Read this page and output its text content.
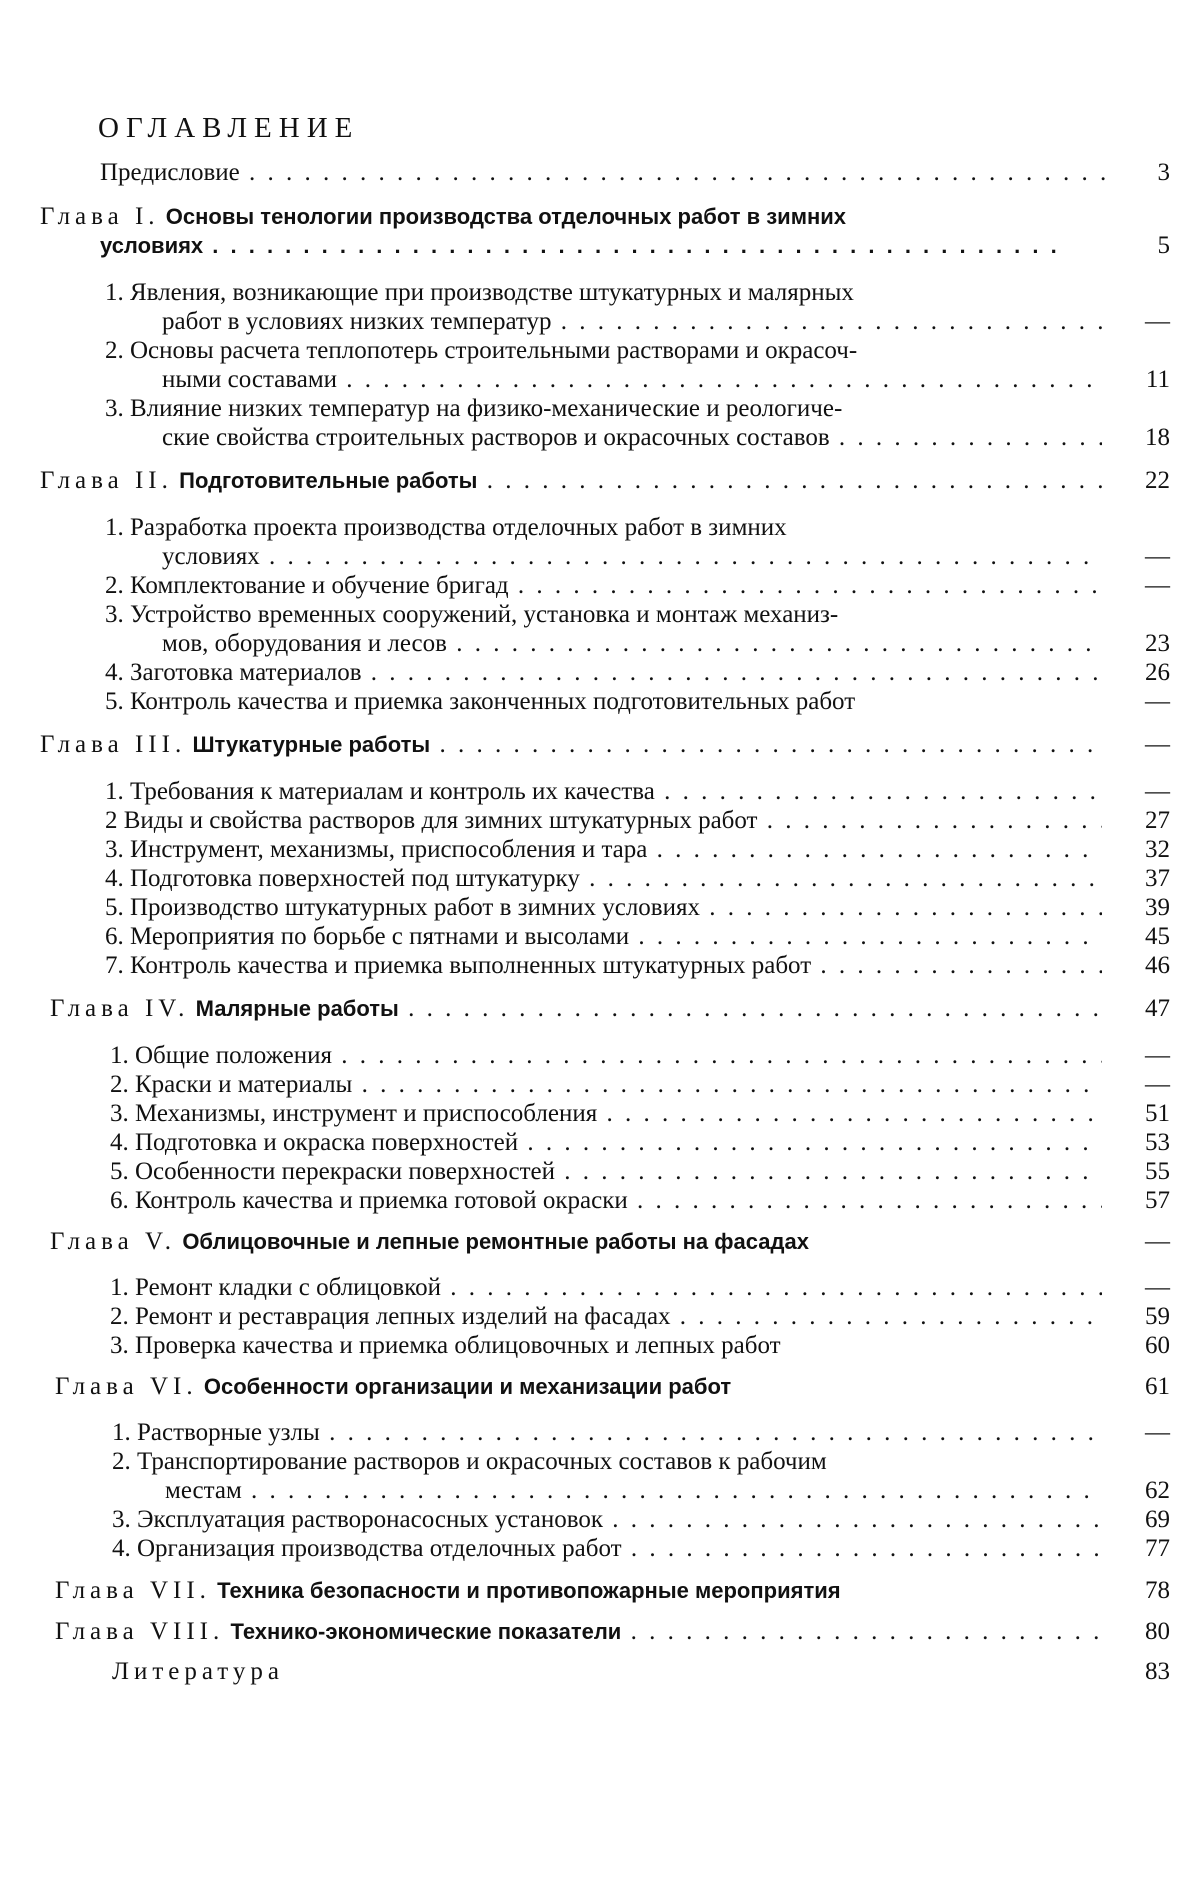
ОГЛАВЛЕНИЕ
Предисловие . . .	3
Глава I. Основы тенологии производства отделочных работ в зимних
условиях . . .	5
1. Явления, возникающие при производстве штукатурных и малярных
работ в условиях низких температур . . .	—
2. Основы расчета теплопотерь строительными растворами и окрасоч-
ными составами . . .	11
3. Влияние низких температур на физико-механические и реологиче-
ские свойства строительных растворов и окрасочных составов . . .	18
Глава II. Подготовительные работы . . .	22
1. Разработка проекта производства отделочных работ в зимних
условиях . . .	—
2. Комплектование и обучение бригад . . .	—
3. Устройство временных сооружений, установка и монтаж механиз-
мов, оборудования и лесов . . .	23
4. Заготовка материалов . . .	26
5. Контроль качества и приемка законченных подготовительных работ	—
Глава III. Штукатурные работы . . .	—
1. Требования к материалам и контроль их качества . . .	—
2 Виды и свойства растворов для зимних штукатурных работ . . .	27
3. Инструмент, механизмы, приспособления и тара . . .	32
4. Подготовка поверхностей под штукатурку . . .	37
5. Производство штукатурных работ в зимних условиях . . .	39
6. Мероприятия по борьбе с пятнами и высолами . . .	45
7. Контроль качества и приемка выполненных штукатурных работ . . .	46
Глава IV. Малярные работы . . .	47
1. Общие положения . . .	—
2. Краски и материалы . . .	—
3. Механизмы, инструмент и приспособления . . .	51
4. Подготовка и окраска поверхностей . . .	53
5. Особенности перекраски поверхностей . . .	55
6. Контроль качества и приемка готовой окраски . . .	57
Глава V. Облицовочные и лепные ремонтные работы на фасадах	—
1. Ремонт кладки с облицовкой . . .	—
2. Ремонт и реставрация лепных изделий на фасадах . . .	59
3. Проверка качества и приемка облицовочных и лепных работ	60
Глава VI. Особенности организации и механизации работ	61
1. Растворные узлы . . .	—
2. Транспортирование растворов и окрасочных составов к рабочим
местам . . .	62
3. Эксплуатация растворонасосных установок . . .	69
4. Организация производства отделочных работ . . .	77
Глава VII. Техника безопасности и противопожарные мероприятия	78
Глава VIII. Технико-экономические показатели . . .	80
Литература	83
